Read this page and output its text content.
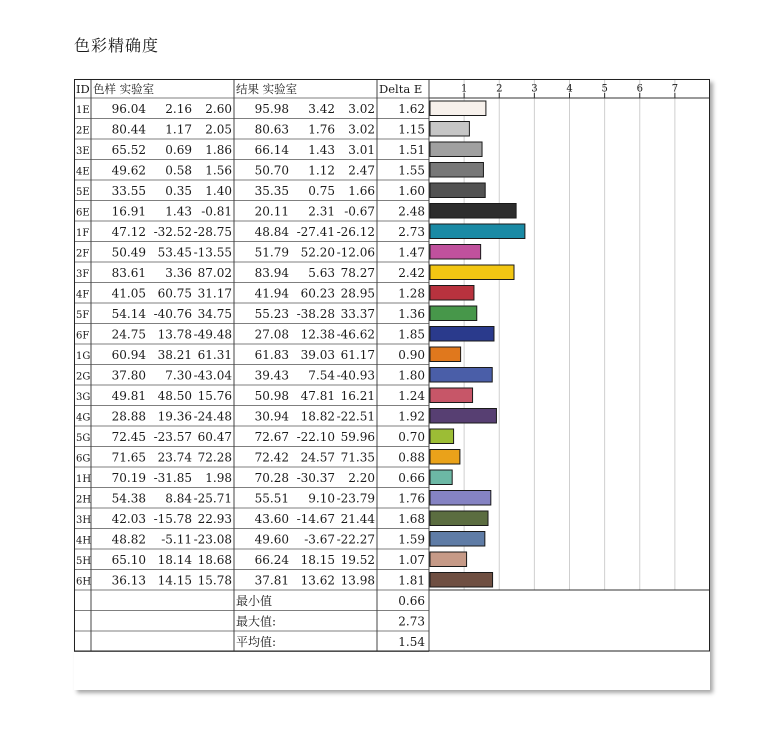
色彩精确度
1	2	3	4	5	6	7
ID 色样 实验室	结果 实验室	Delta E
1E 96.04 2.16 2.60 95.98 3.42 3.02 1.62
2E 80.44 1.17 2.05 80.63 1.76 3.02 1.15
3E 65.52 0.69 1.86 66.14 1.43 3.01 1.51
4E 49.62 0.58 1.56 50.70 1.12 2.47 1.55
5E 33.55 0.35 1.40 35.35 0.75 1.66 1.60
6E 16.91 1.43 -0.81 20.11 2.31 -0.67 2.48
1F 47.12 -32.52 -28.75 48.84 -27.41 -26.12 2.73
2F 50.49 53.45 -13.55 51.79 52.20 -12.06 1.47
3F 83.61 3.36 87.02 83.94 5.63 78.27 2.42
4F 41.05 60.75 31.17 41.94 60.23 28.95 1.28
5F 54.14 -40.76 34.75 55.23 -38.28 33.37 1.36
6F 24.75 13.78 -49.48 27.08 12.38 -46.62 1.85
1G 60.94 38.21 61.31 61.83 39.03 61.17 0.90
2G 37.80 7.30 -43.04 39.43 7.54 -40.93 1.80
3G 49.81 48.50 15.76 50.98 47.81 16.21 1.24
4G 28.88 19.36 -24.48 30.94 18.82 -22.51 1.92
5G 72.45 -23.57 60.47 72.67 -22.10 59.96 0.70
6G 71.65 23.74 72.28 72.42 24.57 71.35 0.88
1H 70.19 -31.85 1.98 70.28 -30.37 2.20 0.66
2H 54.38 8.84 -25.71 55.51 9.10 -23.79 1.76
3H 42.03 -15.78 22.93 43.60 -14.67 21.44 1.68
4H 48.82 -5.11 -23.08 49.60 -3.67 -22.27 1.59
5H 65.10 18.14 18.68 66.24 18.15 19.52 1.07
6H 36.13 14.15 15.78 37.81 13.62 13.98 1.81
最小值	0.66
最大值:	2.73
平均值:	1.54
